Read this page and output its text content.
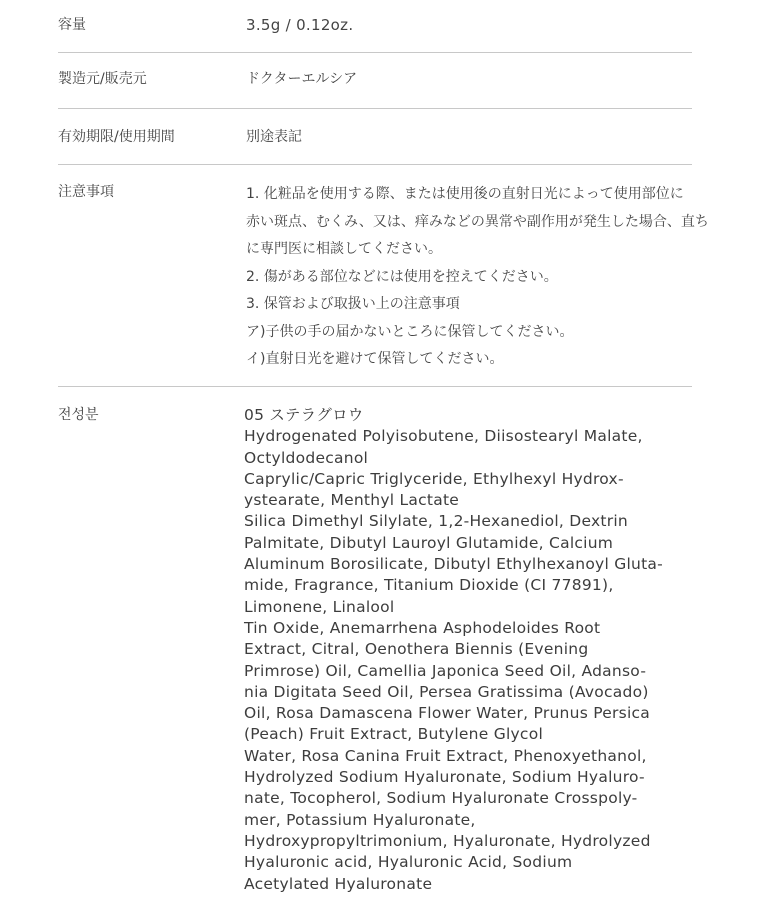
容量	3.5g / 0.12oz.
製造元/販売元	ドクターエルシア
有効期限/使用期間	別途表記
注意事項	1. 化粧品を使用する際、または使用後の直射日光によって使用部位に
赤い斑点、むくみ、又は、痒みなどの異常や副作用が発生した場合、直ち
に専門医に相談してください。
2. 傷がある部位などには使用を控えてください。
3. 保管および取扱い上の注意事項
ア)子供の手の届かないところに保管してください。
イ)直射日光を避けて保管してください。
전성분	05 ステラグロウ
Hydrogenated Polyisobutene, Diisostearyl Malate,
Octyldodecanol
Caprylic/Capric Triglyceride, Ethylhexyl Hydrox-
ystearate, Menthyl Lactate
Silica Dimethyl Silylate, 1,2-Hexanediol, Dextrin
Palmitate, Dibutyl Lauroyl Glutamide, Calcium
Aluminum Borosilicate, Dibutyl Ethylhexanoyl Gluta-
mide, Fragrance, Titanium Dioxide (CI 77891),
Limonene, Linalool
Tin Oxide, Anemarrhena Asphodeloides Root
Extract, Citral, Oenothera Biennis (Evening
Primrose) Oil, Camellia Japonica Seed Oil, Adanso-
nia Digitata Seed Oil, Persea Gratissima (Avocado)
Oil, Rosa Damascena Flower Water, Prunus Persica
(Peach) Fruit Extract, Butylene Glycol
Water, Rosa Canina Fruit Extract, Phenoxyethanol,
Hydrolyzed Sodium Hyaluronate, Sodium Hyaluro-
nate, Tocopherol, Sodium Hyaluronate Crosspoly-
mer, Potassium Hyaluronate,
Hydroxypropyltrimonium, Hyaluronate, Hydrolyzed
Hyaluronic acid, Hyaluronic Acid, Sodium
Acetylated Hyaluronate
